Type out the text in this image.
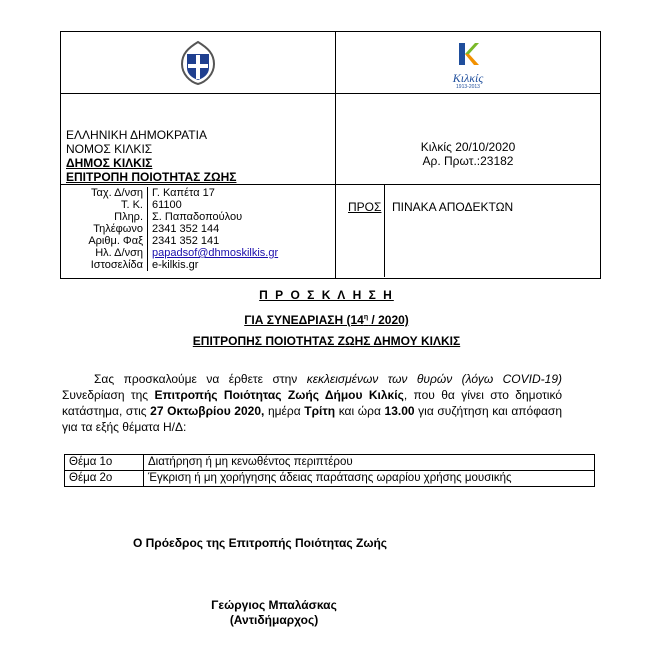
Κιλκίς
1913-2013

ΕΛΛΗΝΙΚΗ ΔΗΜΟΚΡΑΤΙΑ
ΝΟΜΟΣ ΚΙΛΚΙΣ
ΔΗΜΟΣ ΚΙΛΚΙΣ
ΕΠΙΤΡΟΠΗ ΠΟΙΟΤΗΤΑΣ ΖΩΗΣ

Κιλκίς 20/10/2020
Αρ. Πρωτ.:23182

Ταχ. Δ/νση	Γ. Καπέτα 17
Τ. Κ.	61100
Πληρ.	Σ. Παπαδοπούλου
Τηλέφωνο	2341 352 144
Αριθμ. Φαξ	2341 352 141
Ηλ. Δ/νση	papadsof@dhmoskilkis.gr
Ιστοσελίδα	e-kilkis.gr

ΠΡΟΣ ΠΙΝΑΚΑ ΑΠΟΔΕΚΤΩΝ
Π Ρ Ο Σ Κ Λ Η Σ Η
ΓΙΑ ΣΥΝΕΔΡΙΑΣΗ $(14^\eta / 2020)$
ΕΠΙΤΡΟΠΗΣ ΠΟΙΟΤΗΤΑΣ ΖΩΗΣ ΔΗΜΟΥ ΚΙΛΚΙΣ
Σας προσκαλούμε να έρθετε στην κεκλεισμένων των θυρών (λόγω COVID-19) Συνεδρίαση της Επιτροπής Ποιότητας Ζωής Δήμου Κιλκίς, που θα γίνει στο δημοτικό κατάστημα, στις 27 Οκτωβρίου 2020, ημέρα Τρίτη και ώρα 13.00 για συζήτηση και απόφαση για τα εξής θέματα Η/Δ:
Θέμα 1ο	Διατήρηση ή μη κενωθέντος περιπτέρου
Θέμα 2ο	Έγκριση ή μη χορήγησης άδειας παράτασης ωραρίου χρήσης μουσικής
Ο Πρόεδρος της Επιτροπής Ποιότητας Ζωής
Γεώργιος Μπαλάσκας
(Αντιδήμαρχος)
